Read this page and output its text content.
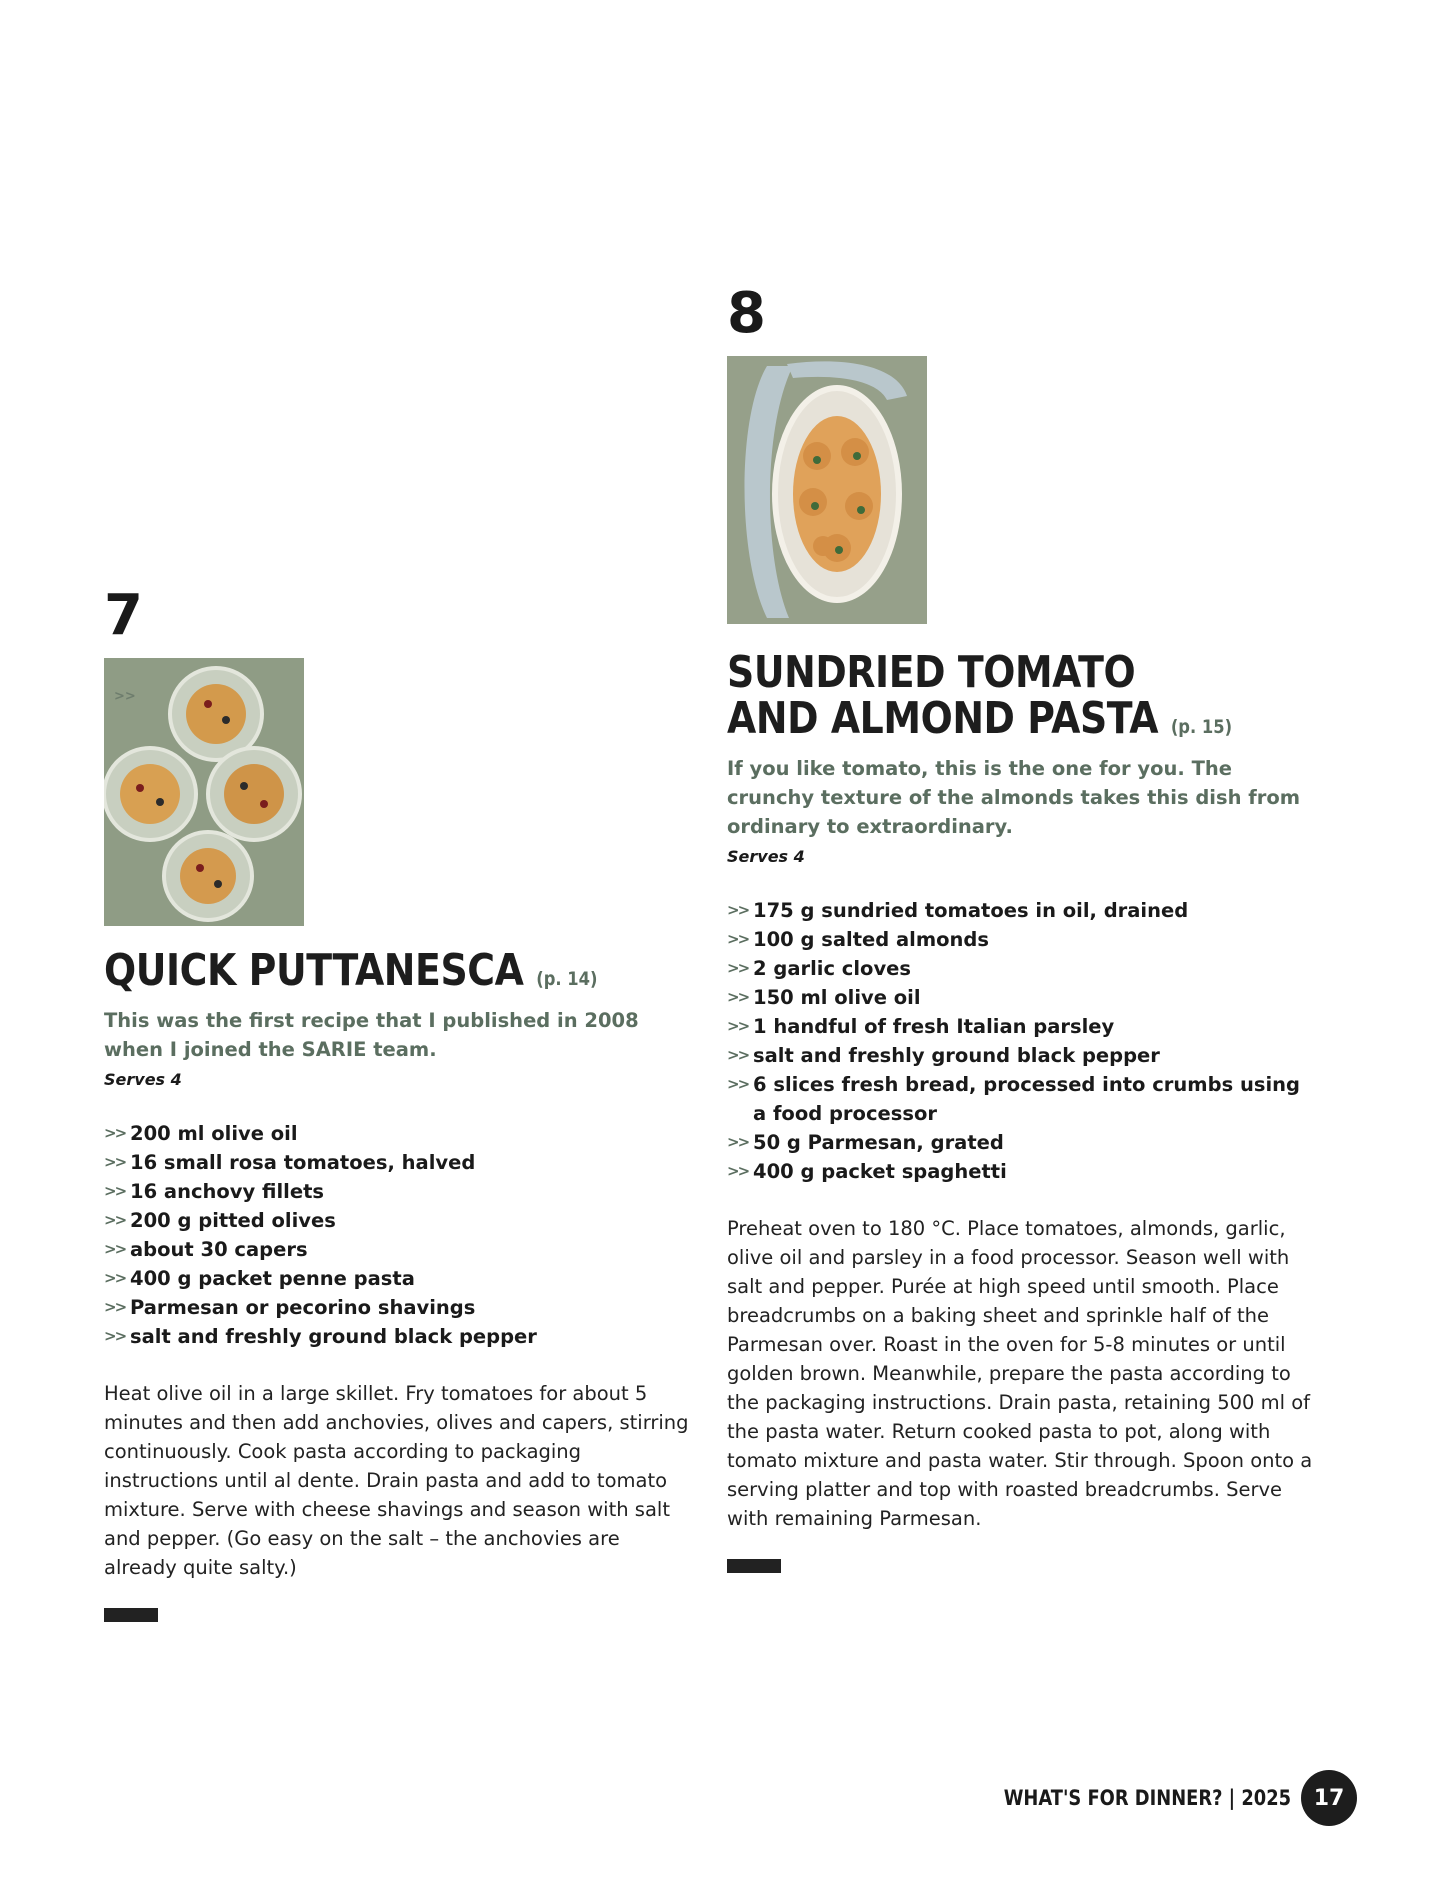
7
>>
QUICK PUTTANESCA (p. 14)
This was the first recipe that I published in 2008 when I joined the SARIE team.
Serves 4
>> 200 ml olive oil
>> 16 small rosa tomatoes, halved
>> 16 anchovy fillets
>> 200 g pitted olives
>> about 30 capers
>> 400 g packet penne pasta
>> Parmesan or pecorino shavings
>> salt and freshly ground black pepper
Heat olive oil in a large skillet. Fry tomatoes for about 5 minutes and then add anchovies, olives and capers, stirring continuously. Cook pasta according to packaging instructions until al dente. Drain pasta and add to tomato mixture. Serve with cheese shavings and season with salt and pepper. (Go easy on the salt – the anchovies are already quite salty.)
8
SUNDRIED TOMATO
AND ALMOND PASTA (p. 15)
If you like tomato, this is the one for you. The crunchy texture of the almonds takes this dish from ordinary to extraordinary.
Serves 4
>> 175 g sundried tomatoes in oil, drained
>> 100 g salted almonds
>> 2 garlic cloves
>> 150 ml olive oil
>> 1 handful of fresh Italian parsley
>> salt and freshly ground black pepper
>> 6 slices fresh bread, processed into crumbs using a food processor
>> 50 g Parmesan, grated
>> 400 g packet spaghetti
Preheat oven to 180 °C. Place tomatoes, almonds, garlic, olive oil and parsley in a food processor. Season well with salt and pepper. Purée at high speed until smooth. Place breadcrumbs on a baking sheet and sprinkle half of the Parmesan over. Roast in the oven for 5-8 minutes or until golden brown. Meanwhile, prepare the pasta according to the packaging instructions. Drain pasta, retaining 500 ml of the pasta water. Return cooked pasta to pot, along with tomato mixture and pasta water. Stir through. Spoon onto a serving platter and top with roasted breadcrumbs. Serve with remaining Parmesan.
WHAT'S FOR DINNER? | 2025	17
